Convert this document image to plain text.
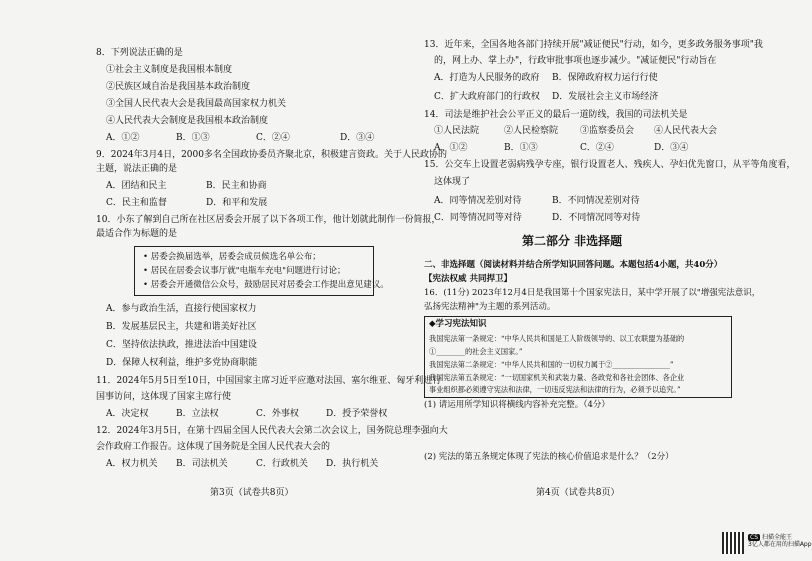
8．下列说法正确的是
①社会主义制度是我国根本制度
②民族区域自治是我国基本政治制度
③全国人民代表大会是我国最高国家权力机关
④人民代表大会制度是我国根本政治制度
A．①②	B．①③	C．②④	D．③④
9．2024年3月4日，2000多名全国政协委员齐聚北京，积极建言资政。关于人民政协的
主题，说法正确的是
A．团结和民主	B．民主和协商
C．民主和监督	D．和平和发展
10．小东了解到自己所在社区居委会开展了以下各项工作，他计划就此制作一份简报，
最适合作为标题的是
• 居委会换届选举，居委会成员候选名单公布；
• 居民在居委会议事厅就"电瓶车充电"问题进行讨论；
• 居委会开通微信公众号，鼓励居民对居委会工作提出意见建议。
A．参与政治生活，直接行使国家权力
B．发展基层民主，共建和谐美好社区
C．坚持依法执政，推进法治中国建设
D．保障人权利益，维护多党协商职能
11．2024年5月5日至10日，中国国家主席习近平应邀对法国、塞尔维亚、匈牙利进行
国事访问，这体现了国家主席行使
A．决定权	B．立法权	C．外事权	D．授予荣誉权
12．2024年3月5日，在第十四届全国人民代表大会第二次会议上，国务院总理李强向大
会作政府工作报告。这体现了国务院是全国人民代表大会的
A．权力机关 B．司法机关	C．行政机关 D．执行机关
第3页（试卷共8页）
13．近年来，全国各地各部门持续开展"减证便民"行动，如今，更多政务服务事项"我
的，网上办、掌上办"，行政审批事项也逐步减少。"减证便民"行动旨在
A．打造为人民服务的政府 B．保障政府权力运行行使
C．扩大政府部门的行政权 D．发展社会主义市场经济
14．司法是维护社会公平正义的最后一道防线，我国的司法机关是
①人民法院	②人民检察院 ③监察委员会 ④人民代表大会
A．①②	B．①③	C．②④	D．③④
15．公交车上设置老弱病残孕专座，银行设置老人、残疾人、孕妇优先窗口，从平等角度看，
这体现了
A．同等情况差别对待	B．不同情况差别对待
C．同等情况同等对待	D．不同情况同等对待
第二部分 非选择题
二、非选择题（阅读材料并结合所学知识回答问题。本题包括4小题，共40分）
【宪法权威 共同捍卫】
16．(11分) 2023年12月4日是我国第十个国家宪法日，某中学开展了以"增强宪法意识，
弘扬宪法精神"为主题的系列活动。
◆学习宪法知识
我国宪法第一条规定：“中华人民共和国是工人阶级领导的、以工农联盟为基础的
①________的社会主义国家。”
我国宪法第二条规定：“中华人民共和国的一切权力属于②________________”
我国宪法第五条规定：“一切国家机关和武装力量、各政党和各社会团体、各企业
事业组织都必须遵守宪法和法律，一切违反宪法和法律的行为，必须予以追究。”
(1) 请运用所学知识将横线内容补充完整。（4分）
(2) 宪法的第五条规定体现了宪法的核心价值追求是什么？（2分）
第4页（试卷共8页）
CS 扫描全能王
3亿人都在用的扫描App
